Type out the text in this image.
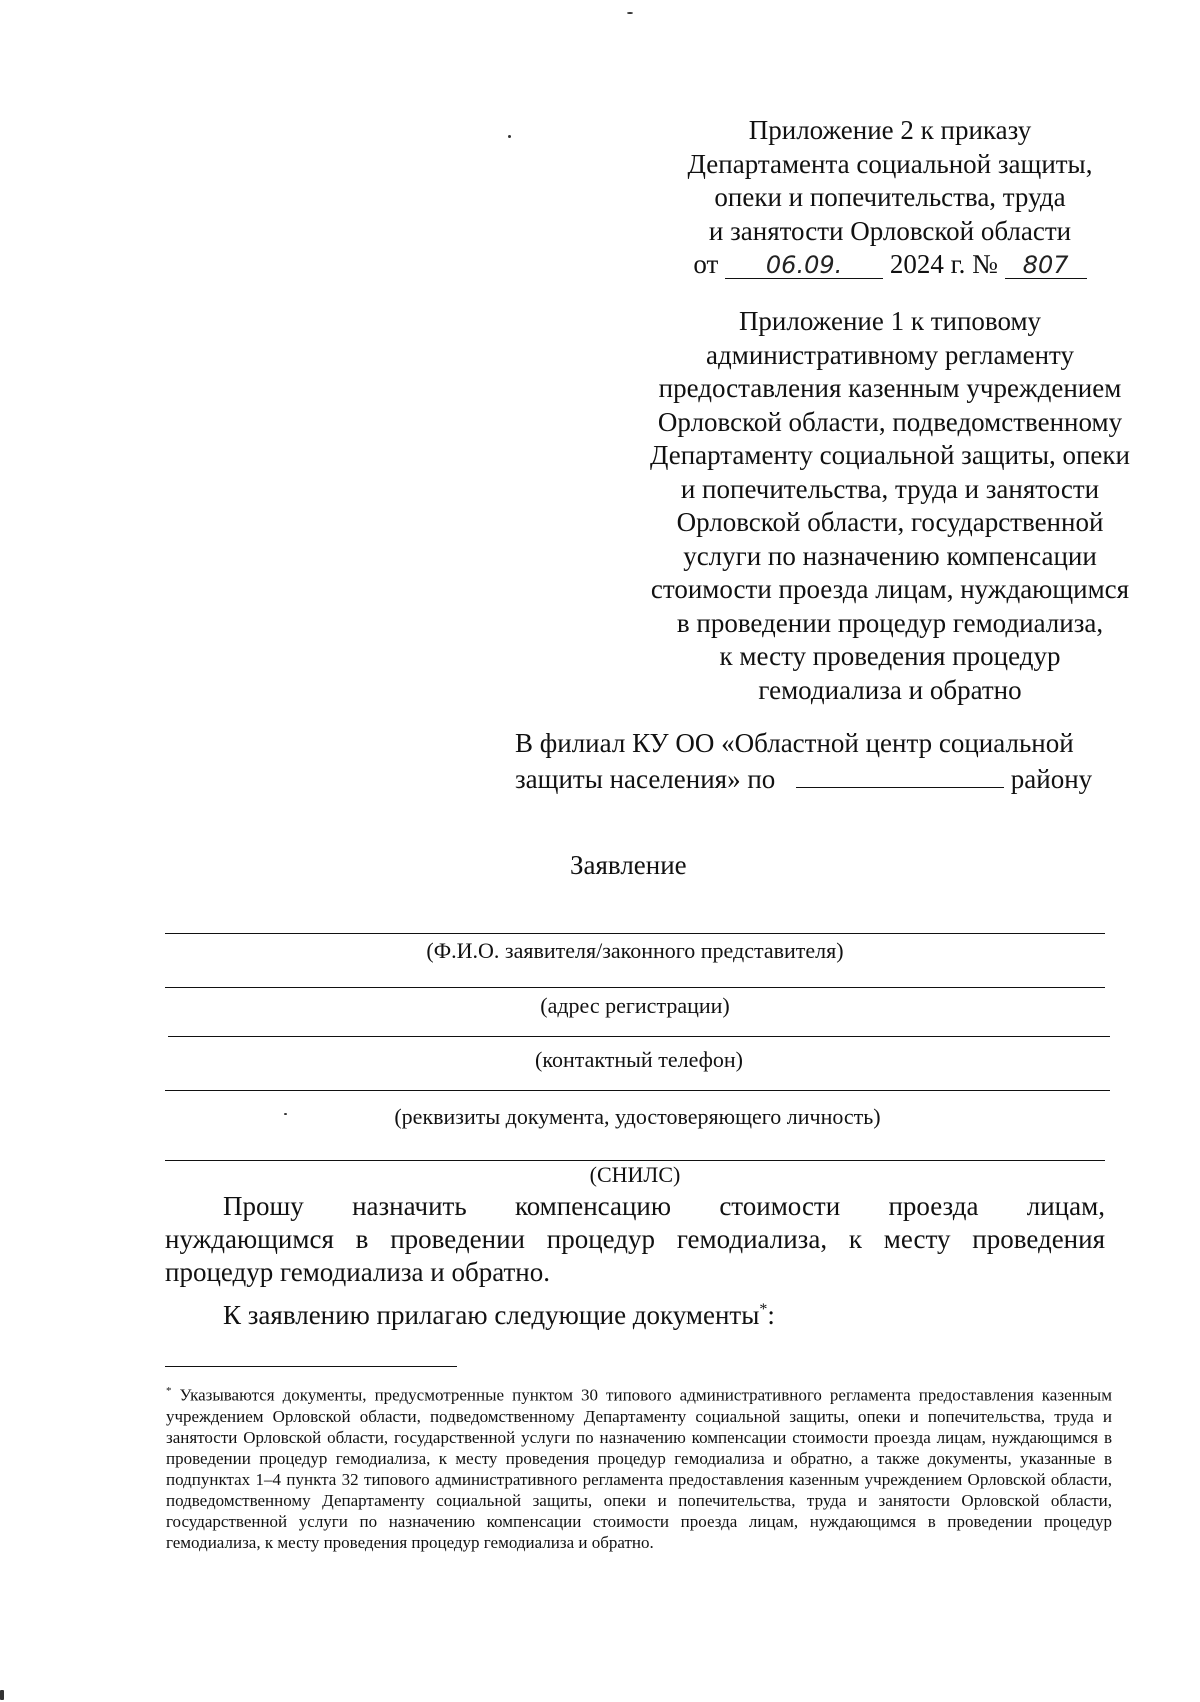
Приложение 2 к приказу
Департамента социальной защиты,
опеки и попечительства, труда
и занятости Орловской области
от 06.09. 2024 г. № 807
Приложение 1 к типовому
административному регламенту
предоставления казенным учреждением
Орловской области, подведомственному
Департаменту социальной защиты, опеки
и попечительства, труда и занятости
Орловской области, государственной
услуги по назначению компенсации
стоимости проезда лицам, нуждающимся
в проведении процедур гемодиализа,
к месту проведения процедур
гемодиализа и обратно
В филиал КУ ОО «Областной центр социальной
защиты населения» по	району
Заявление
(Ф.И.О. заявителя/законного представителя)
(адрес регистрации)
(контактный телефон)
(реквизиты документа, удостоверяющего личность)
(СНИЛС)
Прошу назначить компенсацию стоимости проезда лицам,
нуждающимся в проведении процедур гемодиализа, к месту проведения
процедур гемодиализа и обратно.
К заявлению прилагаю следующие документы*:
* Указываются документы, предусмотренные пунктом 30 типового административного регламента предоставления казенным учреждением Орловской области, подведомственному Департаменту социальной защиты, опеки и попечительства, труда и занятости Орловской области, государственной услуги по назначению компенсации стоимости проезда лицам, нуждающимся в проведении процедур гемодиализа, к месту проведения процедур гемодиализа и обратно, а также документы, указанные в подпунктах 1–4 пункта 32 типового административного регламента предоставления казенным учреждением Орловской области, подведомственному Департаменту социальной защиты, опеки и попечительства, труда и занятости Орловской области, государственной услуги по назначению компенсации стоимости проезда лицам, нуждающимся в проведении процедур гемодиализа, к месту проведения процедур гемодиализа и обратно.
